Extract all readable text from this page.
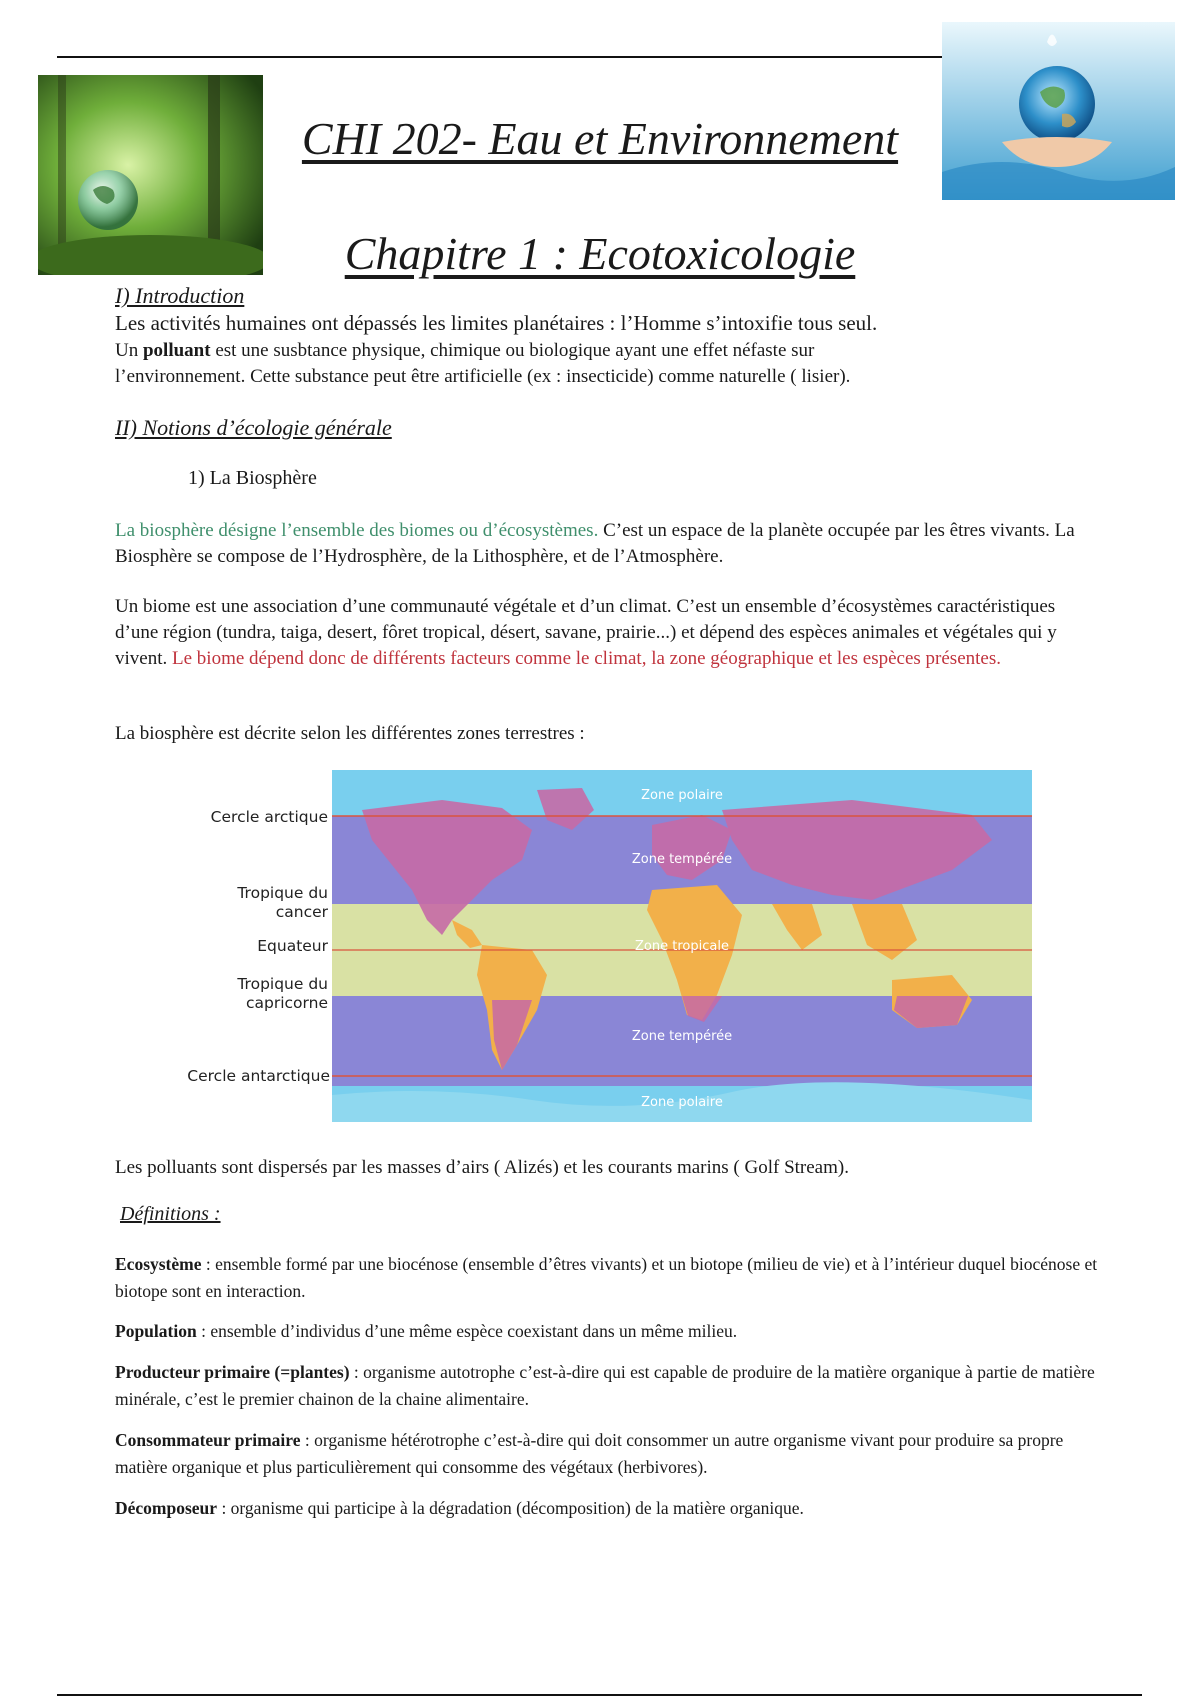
CHI 202- Eau et Environnement
Chapitre 1 : Ecotoxicologie
I) Introduction
Les activités humaines ont dépassés les limites planétaires : l’Homme s’intoxifie tous seul.
Un polluant est une susbtance physique, chimique ou biologique ayant une effet néfaste sur
l’environnement. Cette substance peut être artificielle (ex : insecticide) comme naturelle ( lisier).
II) Notions d’écologie générale
1) La Biosphère
La biosphère désigne l’ensemble des biomes ou d’écosystèmes. C’est un espace de la planète occupée par les êtres vivants. La Biosphère se compose de l’Hydrosphère, de la Lithosphère, et de l’Atmosphère.
Un biome est une association d’une communauté végétale et d’un climat. C’est un ensemble d’écosystèmes caractéristiques d’une région (tundra, taiga, desert, fôret tropical, désert, savane, prairie...) et dépend des espèces animales et végétales qui y vivent. Le biome dépend donc de différents facteurs comme le climat, la zone géographique et les espèces présentes.
La biosphère est décrite selon les différentes zones terrestres :
Cercle arctique
Tropique du
cancer
Equateur
Tropique du
capricorne
Cercle antarctique
Zone polaire
Zone tempérée
Zone tropicale
Zone tempérée
Zone polaire
Les polluants sont dispersés par les masses d’airs ( Alizés) et les courants marins ( Golf Stream).
Définitions :
Ecosystème : ensemble formé par une biocénose (ensemble d’êtres vivants) et un biotope (milieu de vie) et à l’intérieur duquel biocénose et biotope sont en interaction.
Population : ensemble d’individus d’une même espèce coexistant dans un même milieu.
Producteur primaire (=plantes) : organisme autotrophe c’est-à-dire qui est capable de produire de la matière organique à partie de matière minérale, c’est le premier chainon de la chaine alimentaire.
Consommateur primaire : organisme hétérotrophe c’est-à-dire qui doit consommer un autre organisme vivant pour produire sa propre matière organique et plus particulièrement qui consomme des végétaux (herbivores).
Décomposeur : organisme qui participe à la dégradation (décomposition) de la matière organique.
